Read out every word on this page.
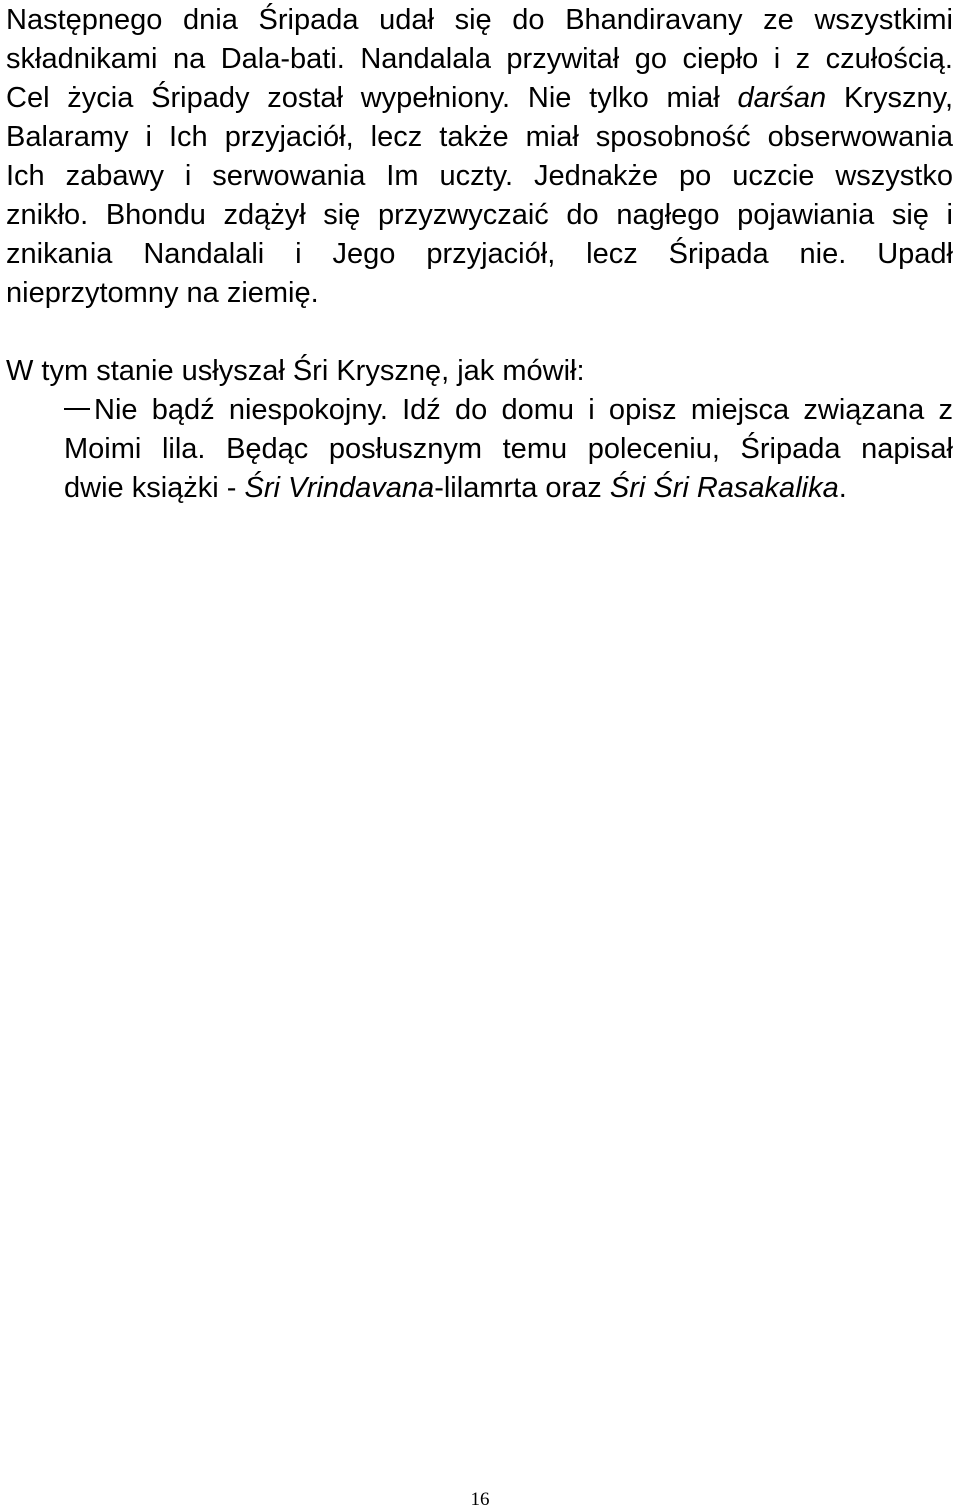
Następnego dnia Śripada udał się do Bhandiravany ze wszystkimi
składnikami na Dala-bati. Nandalala przywitał go ciepło i z czułością.
Cel życia Śripady został wypełniony. Nie tylko miał darśan Kryszny,
Balaramy i Ich przyjaciół, lecz także miał sposobność obserwowania
Ich zabawy i serwowania Im uczty. Jednakże po uczcie wszystko
znikło. Bhondu zdążył się przyzwyczaić do nagłego pojawiania się i
znikania Nandalali i Jego przyjaciół, lecz Śripada nie. Upadł
nieprzytomny na ziemię.
W tym stanie usłyszał Śri Krysznę, jak mówił:
Nie bądź niespokojny. Idź do domu i opisz miejsca związana z
Moimi lila. Będąc posłusznym temu poleceniu, Śripada napisał
dwie książki - Śri Vrindavana-lilamrta oraz Śri Śri Rasakalika.
16
